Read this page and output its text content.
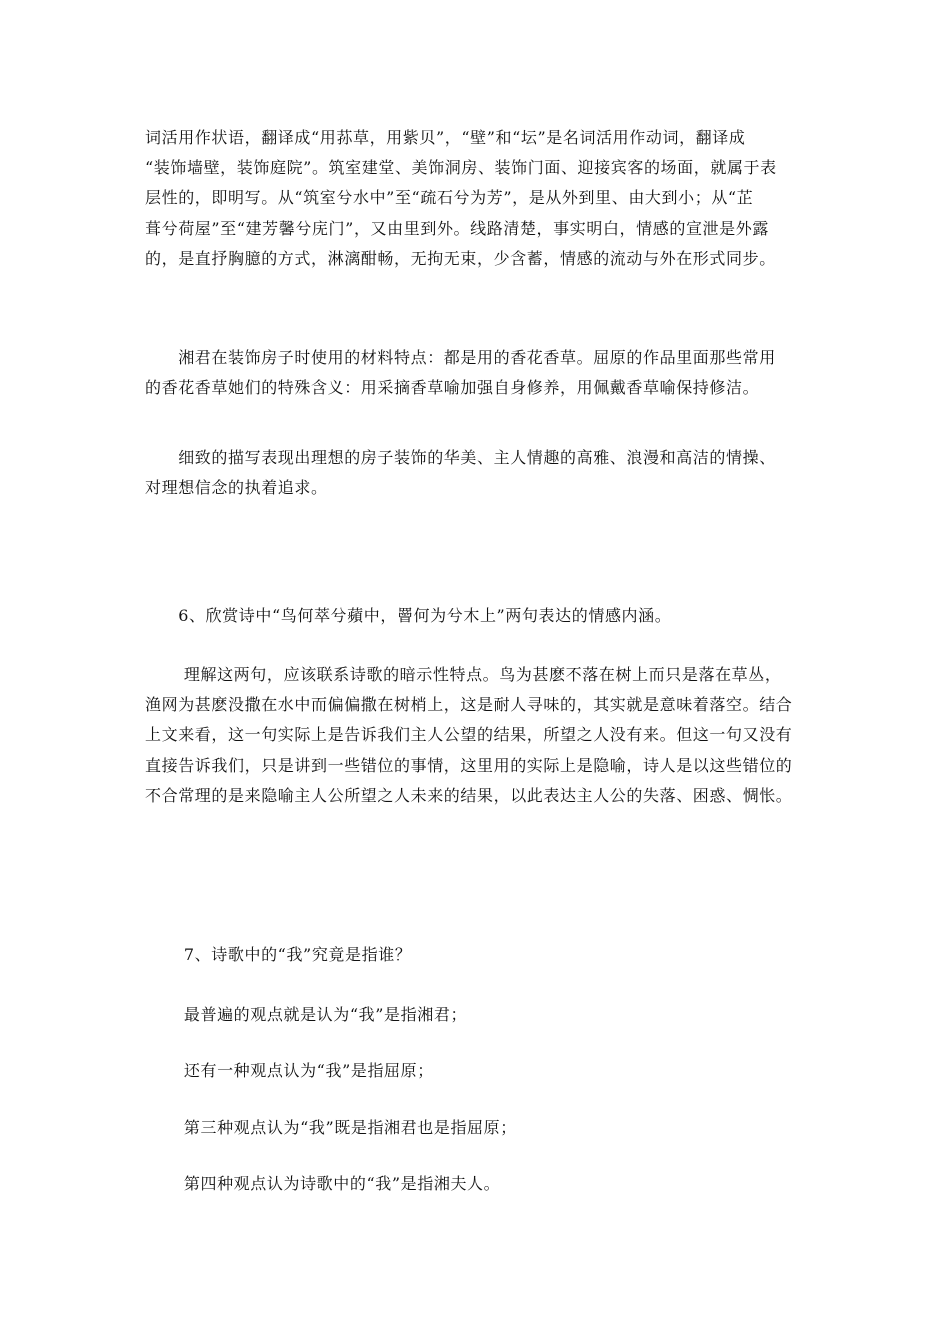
词活用作状语，翻译成“用荪草，用紫贝”，“壁”和“坛”是名词活用作动词，翻译成
“装饰墙壁，装饰庭院”。筑室建堂、美饰洞房、装饰门面、迎接宾客的场面，就属于表
层性的，即明写。从“筑室兮水中”至“疏石兮为芳”，是从外到里、由大到小；从“芷
葺兮荷屋”至“建芳馨兮庑门”，又由里到外。线路清楚，事实明白，情感的宣泄是外露
的，是直抒胸臆的方式，淋漓酣畅，无拘无束，少含蓄，情感的流动与外在形式同步。

　　湘君在装饰房子时使用的材料特点：都是用的香花香草。屈原的作品里面那些常用
的香花香草她们的特殊含义：用采摘香草喻加强自身修养，用佩戴香草喻保持修洁。

　　细致的描写表现出理想的房子装饰的华美、主人情趣的高雅、浪漫和高洁的情操、
对理想信念的执着追求。

　　6、欣赏诗中“鸟何萃兮蘋中，罾何为兮木上”两句表达的情感内涵。

　　 理解这两句，应该联系诗歌的暗示性特点。鸟为甚麽不落在树上而只是落在草丛，
渔网为甚麽没撒在水中而偏偏撒在树梢上，这是耐人寻味的，其实就是意味着落空。结合
上文来看，这一句实际上是告诉我们主人公望的结果，所望之人没有来。但这一句又没有
直接告诉我们，只是讲到一些错位的事情，这里用的实际上是隐喻，诗人是以这些错位的
不合常理的是来隐喻主人公所望之人未来的结果，以此表达主人公的失落、困惑、惆怅。

　　 7、诗歌中的“我”究竟是指谁？

　　 最普遍的观点就是认为“我”是指湘君；

　　 还有一种观点认为“我”是指屈原；

　　 第三种观点认为“我”既是指湘君也是指屈原；

　　 第四种观点认为诗歌中的“我”是指湘夫人。
